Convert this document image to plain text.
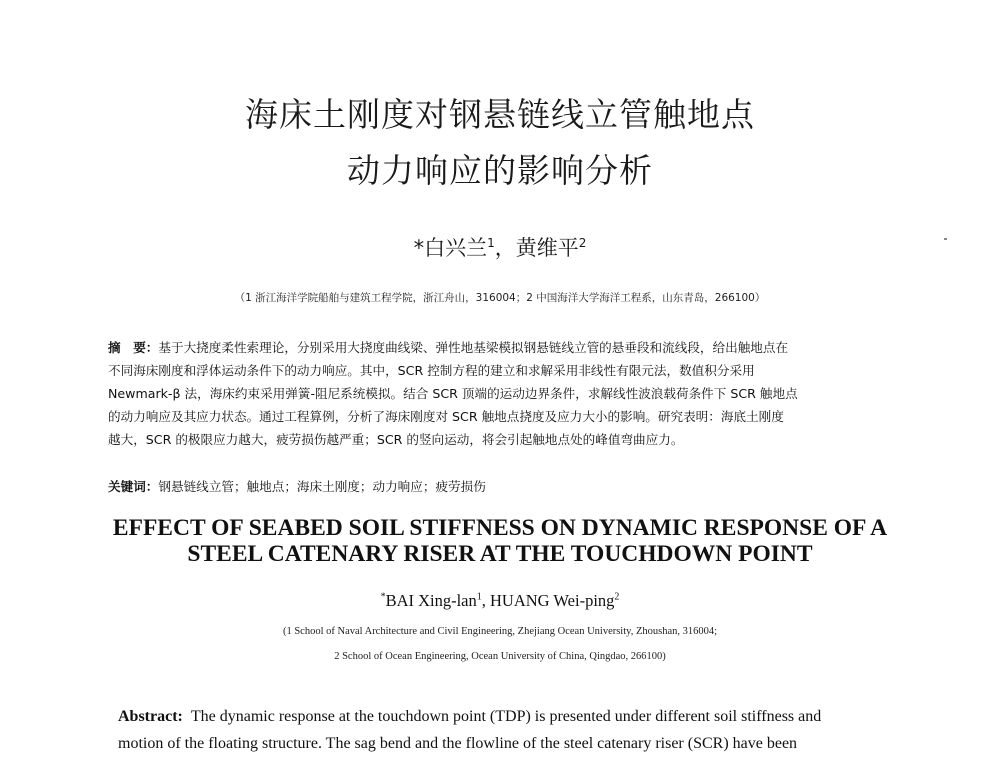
海床土刚度对钢悬链线立管触地点
动力响应的影响分析
*白兴兰$^1$，黄维平$^2$
（1 浙江海洋学院船舶与建筑工程学院，浙江舟山，316004；2 中国海洋大学海洋工程系，山东青岛，266100）
摘　要：基于大挠度柔性索理论，分别采用大挠度曲线梁、弹性地基梁模拟钢悬链线立管的悬垂段和流线段，给出触地点在
不同海床刚度和浮体运动条件下的动力响应。其中，SCR 控制方程的建立和求解采用非线性有限元法，数值积分采用
Newmark-β 法，海床约束采用弹簧-阻尼系统模拟。结合 SCR 顶端的运动边界条件，求解线性波浪载荷条件下 SCR 触地点
的动力响应及其应力状态。通过工程算例，分析了海床刚度对 SCR 触地点挠度及应力大小的影响。研究表明：海底土刚度
越大，SCR 的极限应力越大，疲劳损伤越严重；SCR 的竖向运动，将会引起触地点处的峰值弯曲应力。
关键词：钢悬链线立管；触地点；海床土刚度；动力响应；疲劳损伤
EFFECT OF SEABED SOIL STIFFNESS ON DYNAMIC RESPONSE OF A
STEEL CATENARY RISER AT THE TOUCHDOWN POINT
*BAI Xing-lan$^1$, HUANG Wei-ping$^2$
(1 School of Naval Architecture and Civil Engineering, Zhejiang Ocean University, Zhoushan, 316004;
2 School of Ocean Engineering, Ocean University of China, Qingdao, 266100)
Abstract: The dynamic response at the touchdown point (TDP) is presented under different soil stiffness and
motion of the floating structure. The sag bend and the flowline of the steel catenary riser (SCR) have been
